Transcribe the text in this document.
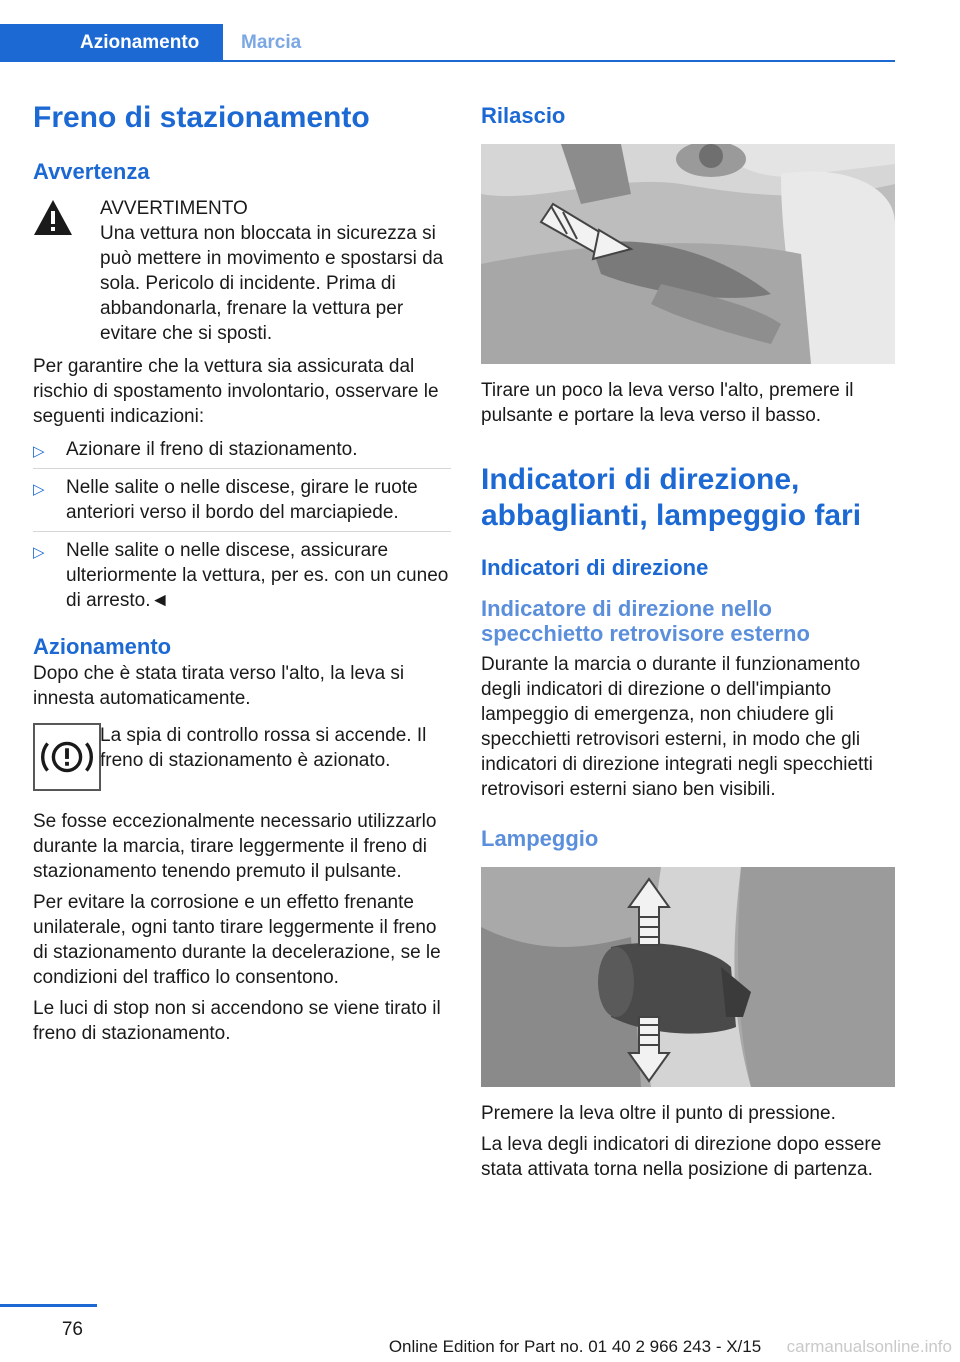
Azionamento	Marcia
Freno di stazionamento
Avvertenza

AVVERTIMENTO

Una vettura non bloccata in sicurezza si può mettere in movimento e spostarsi da sola. Pericolo di incidente. Prima di abbandonarla, frenare la vettura per evitare che si sposti.

Per garantire che la vettura sia assicurata dal rischio di spostamento involontario, osservare le seguenti indicazioni:

▷ Azionare il freno di stazionamento.
▷ Nelle salite o nelle discese, girare le ruote anteriori verso il bordo del marciapiede.
▷ Nelle salite o nelle discese, assicurare ulteriormente la vettura, per es. con un cuneo di arresto.◄
Azionamento

Dopo che è stata tirata verso l'alto, la leva si innesta automaticamente.

La spia di controllo rossa si accende. Il freno di stazionamento è azionato.

Se fosse eccezionalmente necessario utilizzarlo durante la marcia, tirare leggermente il freno di stazionamento tenendo premuto il pulsante.

Per evitare la corrosione e un effetto frenante unilaterale, ogni tanto tirare leggermente il freno di stazionamento durante la decelerazione, se le condizioni del traffico lo consentono.

Le luci di stop non si accendono se viene tirato il freno di stazionamento.

Rilascio

Tirare un poco la leva verso l'alto, premere il pulsante e portare la leva verso il basso.

Indicatori di direzione, abbaglianti, lampeggio fari
Indicatori di direzione
Indicatore di direzione nello specchietto retrovisore esterno

Durante la marcia o durante il funzionamento degli indicatori di direzione o dell'impianto lampeggio di emergenza, non chiudere gli specchietti retrovisori esterni, in modo che gli indicatori di direzione integrati negli specchietti retrovisori esterni siano ben visibili.

Lampeggio

Premere la leva oltre il punto di pressione.

La leva degli indicatori di direzione dopo essere stata attivata torna nella posizione di partenza.

76
Online Edition for Part no. 01 40 2 966 243 - X/15	carmanualsonline.info
